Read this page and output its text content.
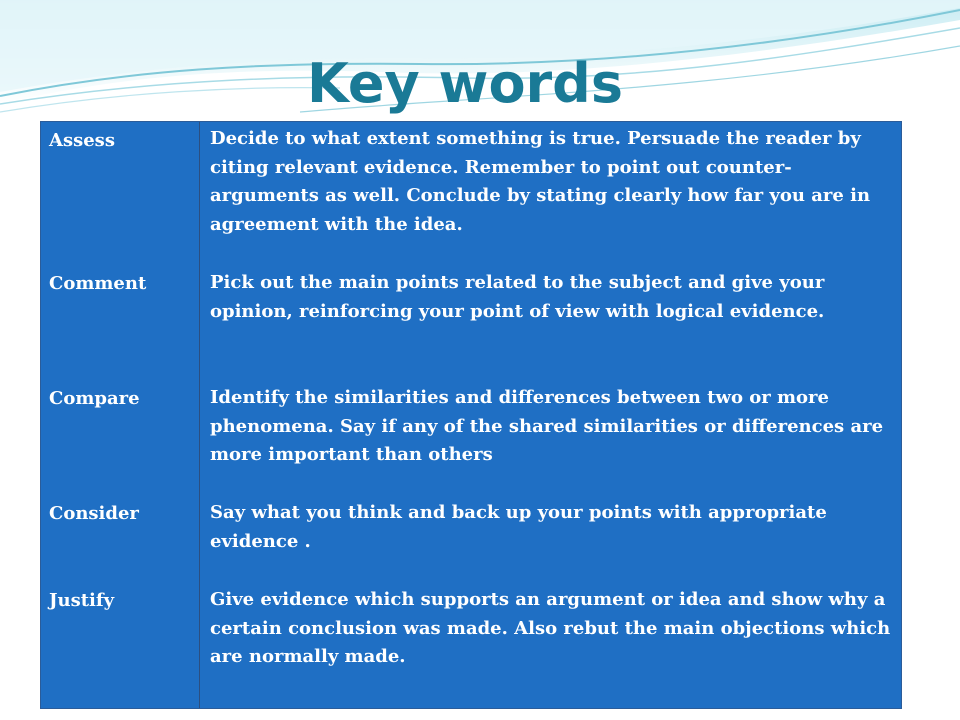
Key words
Assess	Decide to what extent something is true. Persuade the reader by citing relevant evidence. Remember to point out counter-arguments as well. Conclude by stating clearly how far you are in agreement with the idea.
Comment	Pick out the main points related to the subject and give your opinion, reinforcing your point of view with logical evidence.
Compare	Identify the similarities and differences between two or more phenomena. Say if any of the shared similarities or differences are more important than others
Consider	Say what you think and back up your points with appropriate evidence .
Justify	Give evidence which supports an argument or idea and show why a certain conclusion was made. Also rebut the main objections which are normally made.
